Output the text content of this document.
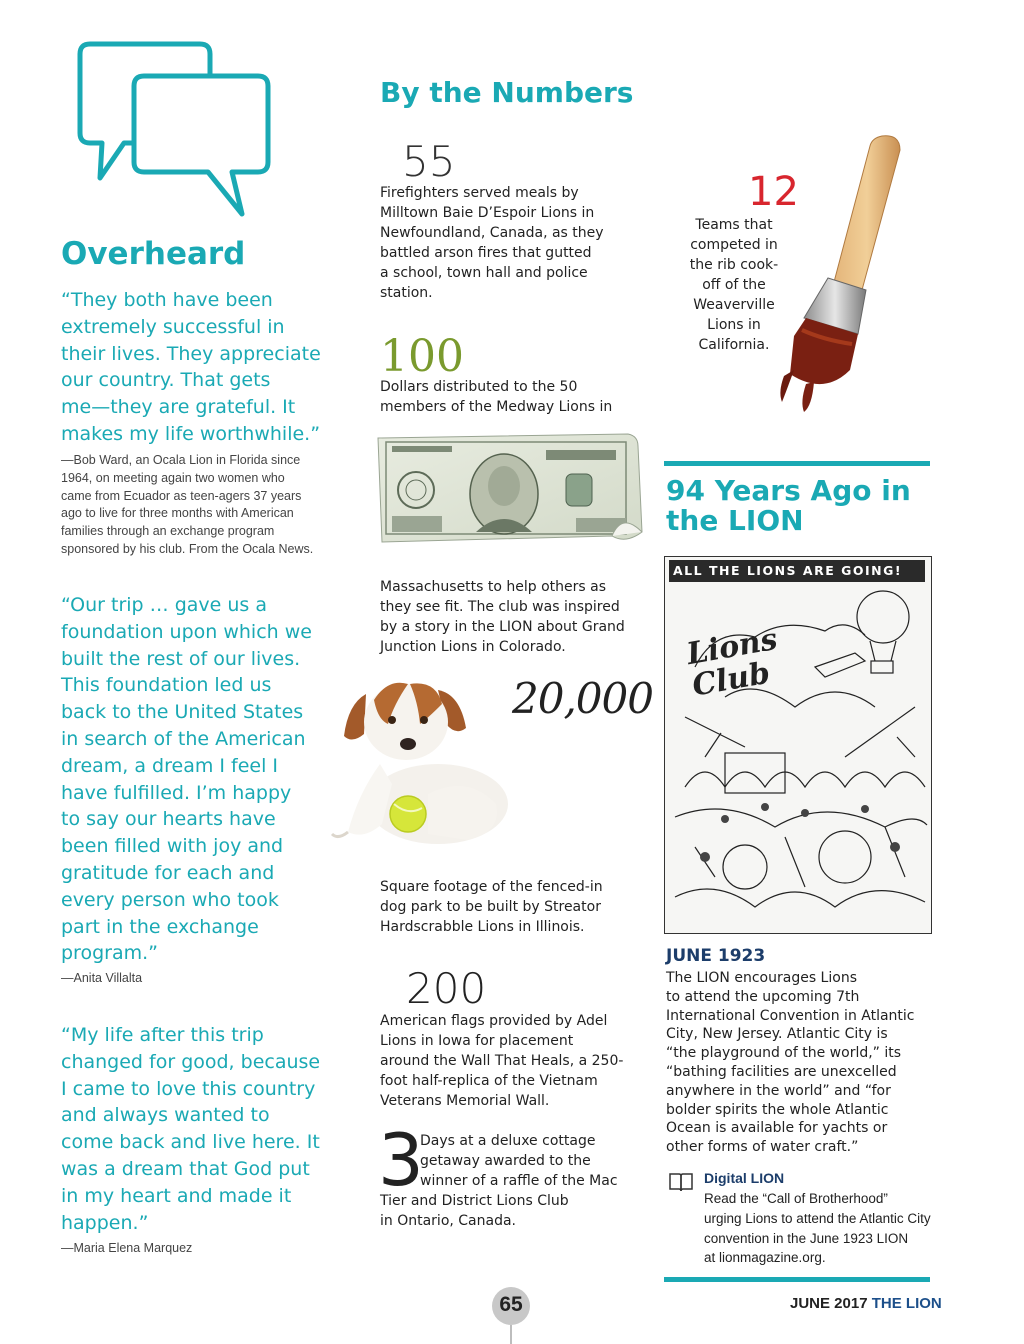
Overheard

“They both have been
extremely successful in
their lives. They appreciate
our country. That gets
me—they are grateful. It
makes my life worthwhile.”

—Bob Ward, an Ocala Lion in Florida since
1964, on meeting again two women who
came from Ecuador as teen-agers 37 years
ago to live for three months with American
families through an exchange program
sponsored by his club. From the Ocala News.

“Our trip … gave us a
foundation upon which we
built the rest of our lives.
This foundation led us
back to the United States
in search of the American
dream, a dream I feel I
have fulfilled. I’m happy
to say our hearts have
been filled with joy and
gratitude for each and
every person who took
part in the exchange
program.”

—Anita Villalta

“My life after this trip
changed for good, because
I came to love this country
and always wanted to
come back and live here. It
was a dream that God put
in my heart and made it
happen.”

—Maria Elena Marquez

By the Numbers
55

Firefighters served meals by
Milltown Baie D’Espoir Lions in
Newfoundland, Canada, as they
battled arson fires that gutted
a school, town hall and police
station.

100

Dollars distributed to the 50
members of the Medway Lions in

Massachusetts to help others as
they see fit. The club was inspired
by a story in the LION about Grand
Junction Lions in Colorado.

20,000

Square footage of the fenced-in
dog park to be built by Streator
Hardscrabble Lions in Illinois.

200

American flags provided by Adel
Lions in Iowa for placement
around the Wall That Heals, a 250-
foot half-replica of the Vietnam
Veterans Memorial Wall.

3

Days at a deluxe cottage
getaway awarded to the
winner of a raffle of the Mac

Tier and District Lions Club
in Ontario, Canada.

12

Teams that
competed in
the rib cook-
off of the
Weaverville
Lions in
California.

94 Years Ago in
the LION
ALL THE LIONS ARE GOING!
Lions Club
JUNE 1923

The LION encourages Lions
to attend the upcoming 7th
International Convention in Atlantic
City, New Jersey. Atlantic City is
“the playground of the world,” its
“bathing facilities are unexcelled
anywhere in the world” and “for
bolder spirits the whole Atlantic
Ocean is available for yachts or
other forms of water craft.”

Digital LION

Read the “Call of Brotherhood”
urging Lions to attend the Atlantic City
convention in the June 1923 LION
at lionmagazine.org.

65	JUNE 2017 THE LION
